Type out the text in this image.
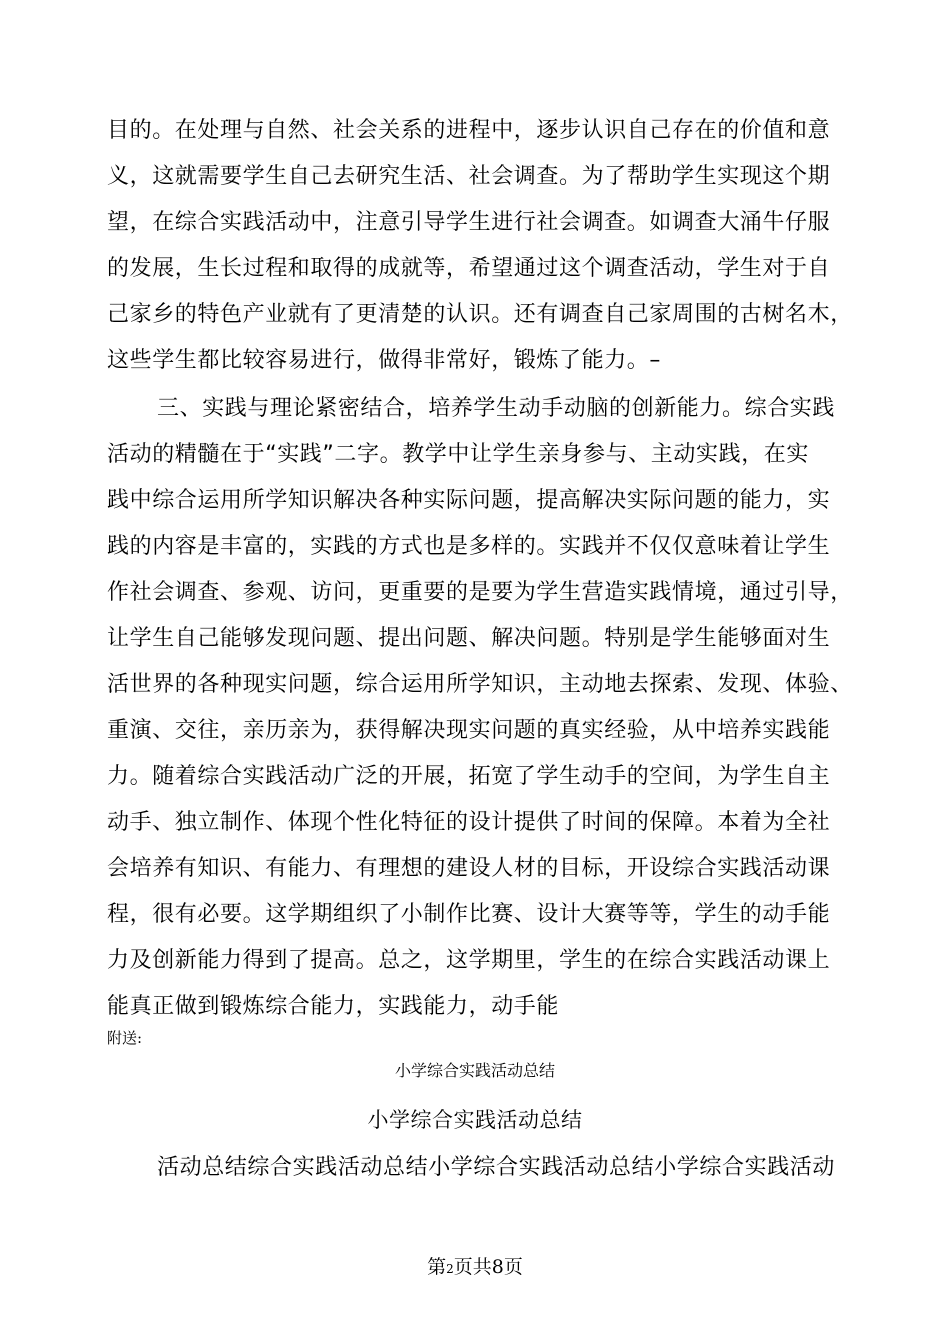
目的。在处理与自然、社会关系的进程中，逐步认识自己存在的价值和意
义，这就需要学生自己去研究生活、社会调查。为了帮助学生实现这个期
望，在综合实践活动中，注意引导学生进行社会调查。如调查大涌牛仔服
的发展，生长过程和取得的成就等，希望通过这个调查活动，学生对于自
己家乡的特色产业就有了更清楚的认识。还有调查自己家周围的古树名木，
这些学生都比较容易进行，做得非常好，锻炼了能力。–
三、实践与理论紧密结合，培养学生动手动脑的创新能力。综合实践
活动的精髓在于“实践”二字。教学中让学生亲身参与、主动实践，在实
践中综合运用所学知识解决各种实际问题，提高解决实际问题的能力，实
践的内容是丰富的，实践的方式也是多样的。实践并不仅仅意味着让学生
作社会调查、参观、访问，更重要的是要为学生营造实践情境，通过引导，
让学生自己能够发现问题、提出问题、解决问题。特别是学生能够面对生
活世界的各种现实问题，综合运用所学知识，主动地去探索、发现、体验、
重演、交往，亲历亲为，获得解决现实问题的真实经验，从中培养实践能
力。随着综合实践活动广泛的开展，拓宽了学生动手的空间，为学生自主
动手、独立制作、体现个性化特征的设计提供了时间的保障。本着为全社
会培养有知识、有能力、有理想的建设人材的目标，开设综合实践活动课
程，很有必要。这学期组织了小制作比赛、设计大赛等等，学生的动手能
力及创新能力得到了提高。总之，这学期里，学生的在综合实践活动课上
能真正做到锻炼综合能力，实践能力，动手能
附送:
小学综合实践活动总结
小学综合实践活动总结
活动总结综合实践活动总结小学综合实践活动总结小学综合实践活动
第2页共8页
